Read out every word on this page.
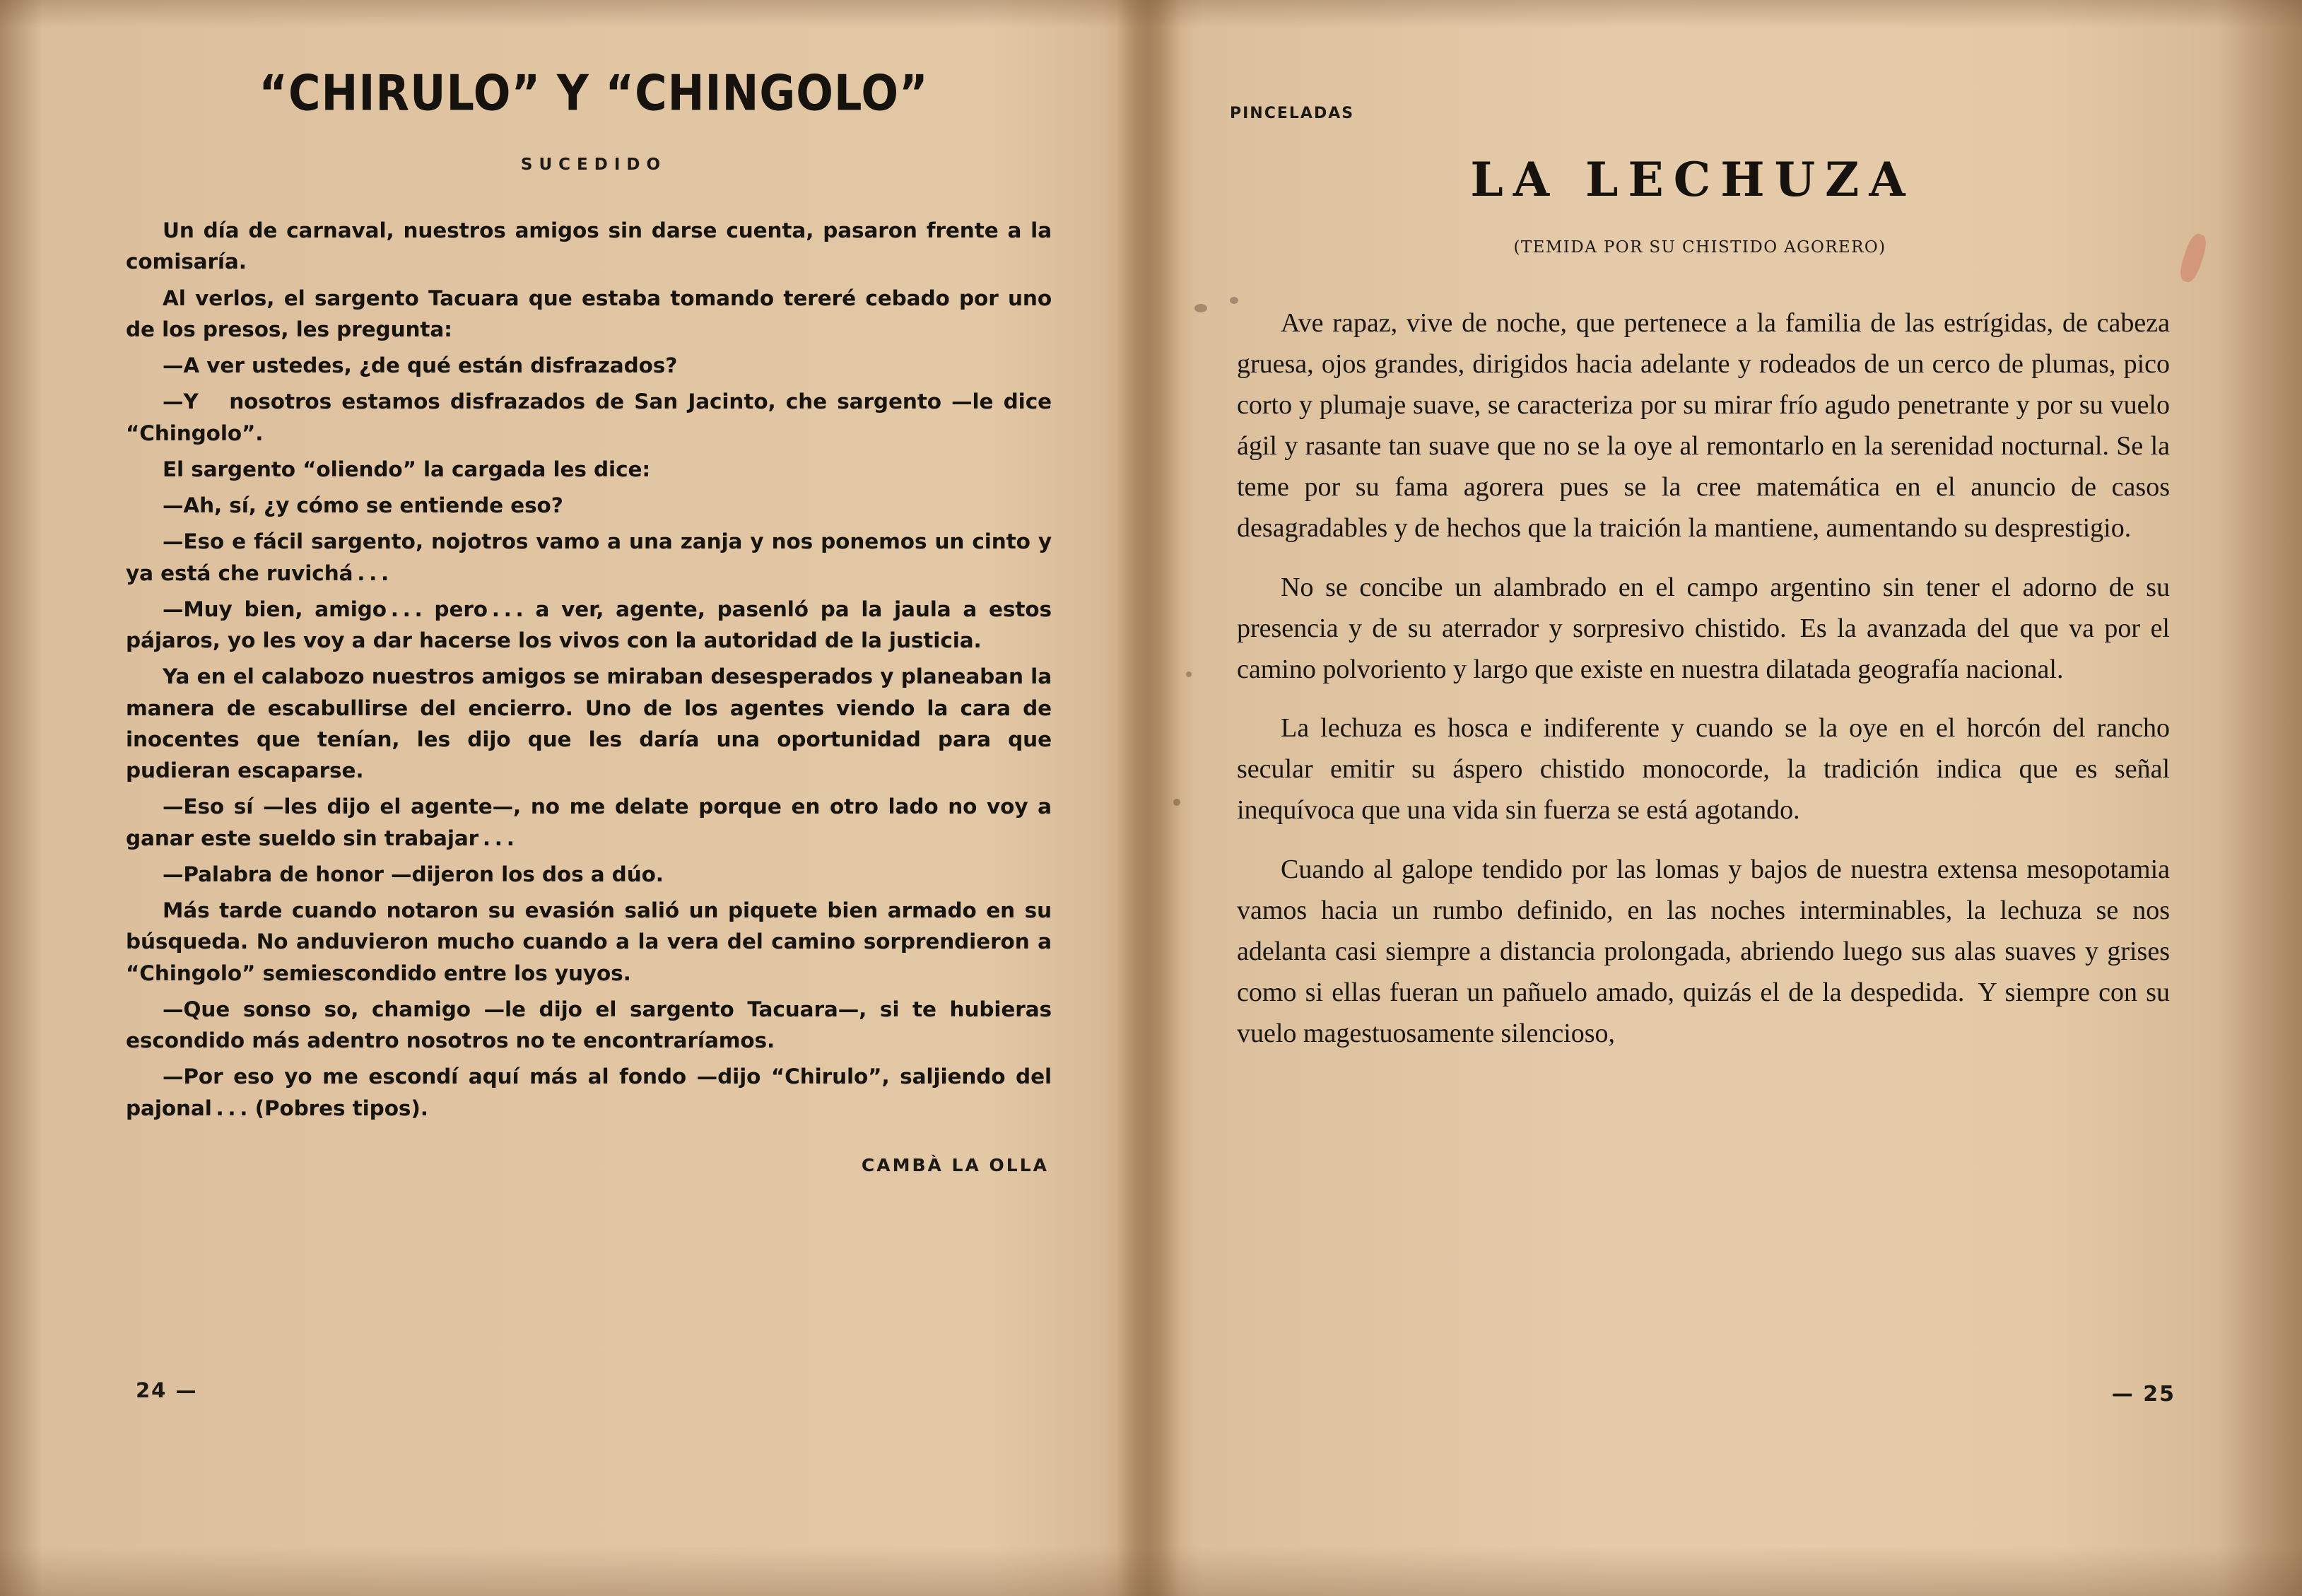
“CHIRULO” Y “CHINGOLO”
SUCEDIDO

Un día de carnaval, nuestros amigos sin darse cuenta, pasaron frente a la comisaría.

Al verlos, el sargento Tacuara que estaba tomando tereré cebado por uno de los presos, les pregunta:

—A ver ustedes, ¿de qué están disfrazados?

—Y  nosotros estamos disfrazados de San Jacinto, che sargento —le dice “Chingolo”.

El sargento “oliendo” la cargada les dice:

—Ah, sí, ¿y cómo se entiende eso?

—Eso e fácil sargento, nojotros vamo a una zanja y nos ponemos un cinto y ya está che ruvichá . . .

—Muy bien, amigo . . . pero . . . a ver, agente, pasenló pa la jaula a estos pájaros, yo les voy a dar hacerse los vivos con la autoridad de la justicia.

Ya en el calabozo nuestros amigos se miraban desesperados y planeaban la manera de escabullirse del encierro. Uno de los agentes viendo la cara de inocentes que tenían, les dijo que les daría una oportunidad para que pudieran escaparse.

—Eso sí —les dijo el agente—, no me delate porque en otro lado no voy a ganar este sueldo sin trabajar . . .

—Palabra de honor —dijeron los dos a dúo.

Más tarde cuando notaron su evasión salió un piquete bien armado en su búsqueda. No anduvieron mucho cuando a la vera del camino sorprendieron a “Chingolo” semiescondido entre los yuyos.

—Que sonso so, chamigo —le dijo el sargento Tacuara—, si te hubieras escondido más adentro nosotros no te encontraríamos.

—Por eso yo me escondí aquí más al fondo —dijo “Chirulo”, saljiendo del pajonal . . . (Pobres tipos).

CAMBÀ LA OLLA
24 —
PINCELADAS
LA LECHUZA
(TEMIDA POR SU CHISTIDO AGORERO)

Ave rapaz, vive de noche, que pertenece a la familia de las estrígidas, de cabeza gruesa, ojos grandes, dirigidos hacia adelante y rodeados de un cerco de plumas, pico corto y plumaje suave, se caracteriza por su mirar frío agudo penetrante y por su vuelo ágil y rasante tan suave que no se la oye al remontarlo en la serenidad nocturnal. Se la teme por su fama agorera pues se la cree matemática en el anuncio de casos desagradables y de hechos que la traición la mantiene, aumentando su desprestigio.

No se concibe un alambrado en el campo argentino sin tener el adorno de su presencia y de su aterrador y sorpresivo chistido. Es la avanzada del que va por el camino polvoriento y largo que existe en nuestra dilatada geografía nacional.

La lechuza es hosca e indiferente y cuando se la oye en el horcón del rancho secular emitir su áspero chistido monocorde, la tradición indica que es señal inequívoca que una vida sin fuerza se está agotando.

Cuando al galope tendido por las lomas y bajos de nuestra extensa mesopotamia vamos hacia un rumbo definido, en las noches interminables, la lechuza se nos adelanta casi siempre a distancia prolongada, abriendo luego sus alas suaves y grises como si ellas fueran un pañuelo amado, quizás el de la despedida. Y siempre con su vuelo magestuosamente silencioso,

— 25
